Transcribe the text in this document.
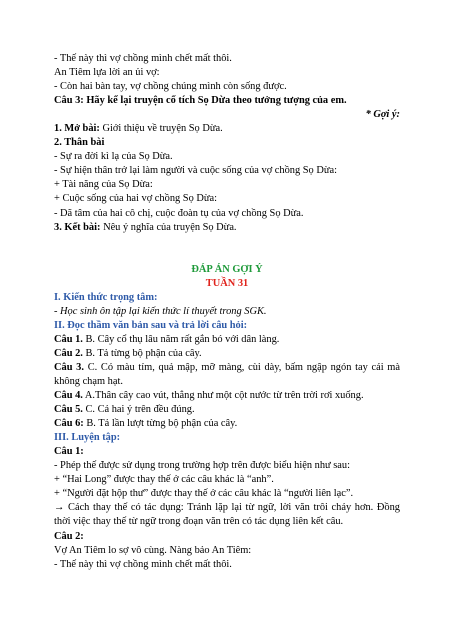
- Thế này thì vợ chồng mình chết mất thôi.

An Tiêm lựa lời an ủi vợ:

- Còn hai bàn tay, vợ chồng chúng mình còn sống được.

Câu 3: Hãy kể lại truyện cổ tích Sọ Dừa theo tưởng tượng của em.

* Gợi ý:

1. Mở bài: Giới thiệu về truyện Sọ Dừa.

2. Thân bài

- Sự ra đời kì lạ của Sọ Dừa.

- Sự hiện thân trở lại làm người và cuộc sống của vợ chồng Sọ Dừa:

+ Tài năng của Sọ Dừa:

+ Cuộc sống của hai vợ chồng Sọ Dừa:

- Dã tâm của hai cô chị, cuộc đoàn tụ của vợ chồng Sọ Dừa.

3. Kết bài: Nêu ý nghĩa của truyện Sọ Dừa.

ĐÁP ÁN GỢI Ý

TUẦN 31

I. Kiến thức trọng tâm:

- Học sinh ôn tập lại kiến thức lí thuyết trong SGK.

II. Đọc thầm văn bản sau và trả lời câu hỏi:

Câu 1. B. Cây cổ thụ lâu năm rất gắn bó với dân làng.

Câu 2. B. Tả từng bộ phận của cây.

Câu 3. C. Có màu tím, quả mập, mỡ màng, cùi dày, bấm ngập ngón tay cái mà không chạm hạt.

Câu 4. A.Thân cây cao vút, thẳng như một cột nước từ trên trời rơi xuống.

Câu 5. C. Cả hai ý trên đều đúng.

Câu 6: B. Tả lần lượt từng bộ phận của cây.

III. Luyện tập:

Câu 1:

- Phép thế được sử dụng trong trường hợp trên được biểu hiện như sau:

+ “Hai Long” được thay thế ở các câu khác là “anh”.

+ “Người đặt hộp thư” được thay thế ở các câu khác là “người liên lạc”.

→ Cách thay thế có tác dụng: Tránh lặp lại từ ngữ, lời văn trôi chảy hơn. Đồng thời việc thay thế từ ngữ trong đoạn văn trên có tác dụng liên kết câu.

Câu 2:

Vợ An Tiêm lo sợ vô cùng. Nàng bảo An Tiêm:

- Thế này thì vợ chồng mình chết mất thôi.
